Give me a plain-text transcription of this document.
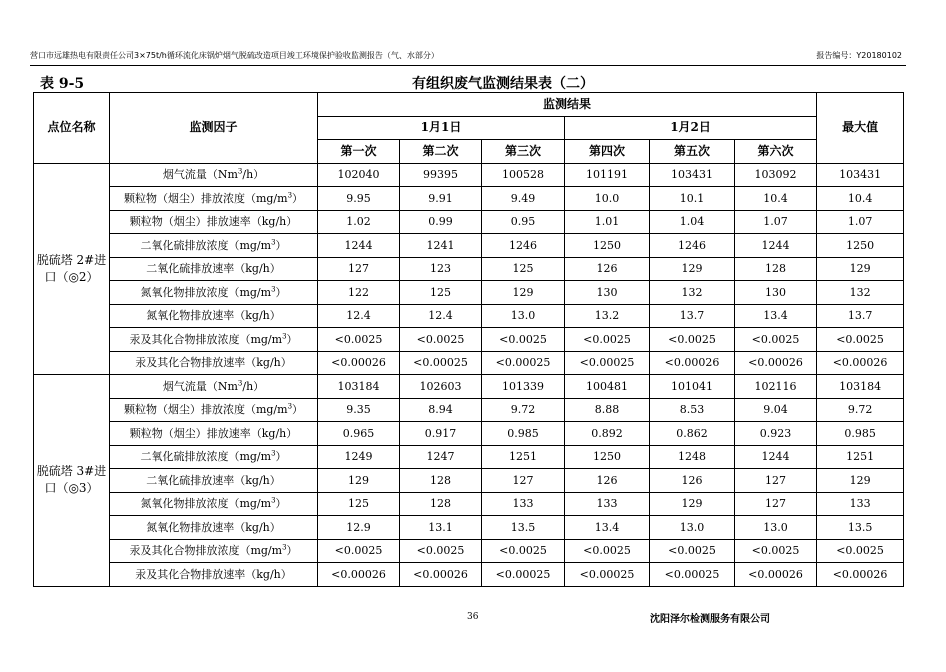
营口市远雄热电有限责任公司3×75t/h循环流化床锅炉烟气脱硫改造项目竣工环境保护验收监测报告（气、水部分）	报告编号：Y20180102
表 9-5	有组织废气监测结果表（二）
点位名称	监测因子	监测结果						最大值
		1月1日			1月2日			
		第一次	第二次	第三次	第四次	第五次	第六次	
脱硫塔 2#进
口（◎2）	烟气流量（Nm$^3$/h）	102040	99395	100528	101191	103431	103092	103431
	颗粒物（烟尘）排放浓度$(mg/m^3)$	9.95	9.91	9.49	10.0	10.1	10.4	10.4
	颗粒物（烟尘）排放速率（kg/h）	1.02	0.99	0.95	1.01	1.04	1.07	1.07
	二氧化硫排放浓度$(mg/m^3)$	1244	1241	1246	1250	1246	1244	1250
	二氧化硫排放速率（kg/h）	127	123	125	126	129	128	129
	氮氧化物排放浓度$(mg/m^3)$	122	125	129	130	132	130	132
	氮氧化物排放速率（kg/h）	12.4	12.4	13.0	13.2	13.7	13.4	13.7
	汞及其化合物排放浓度$(mg/m^3)$	<0.0025	<0.0025	<0.0025	<0.0025	<0.0025	<0.0025	<0.0025
	汞及其化合物排放速率（kg/h）	<0.00026	<0.00025	<0.00025	<0.00025	<0.00026	<0.00026	<0.00026
脱硫塔 3#进
口（◎3）	烟气流量（Nm$^3$/h）	103184	102603	101339	100481	101041	102116	103184
	颗粒物（烟尘）排放浓度$(mg/m^3)$	9.35	8.94	9.72	8.88	8.53	9.04	9.72
	颗粒物（烟尘）排放速率（kg/h）	0.965	0.917	0.985	0.892	0.862	0.923	0.985
	二氧化硫排放浓度$(mg/m^3)$	1249	1247	1251	1250	1248	1244	1251
	二氧化硫排放速率（kg/h）	129	128	127	126	126	127	129
	氮氧化物排放浓度$(mg/m^3)$	125	128	133	133	129	127	133
	氮氧化物排放速率（kg/h）	12.9	13.1	13.5	13.4	13.0	13.0	13.5
	汞及其化合物排放浓度$(mg/m^3)$	<0.0025	<0.0025	<0.0025	<0.0025	<0.0025	<0.0025	<0.0025
	汞及其化合物排放速率（kg/h）	<0.00026	<0.00026	<0.00025	<0.00025	<0.00025	<0.00026	<0.00026
36	沈阳泽尔检测服务有限公司
